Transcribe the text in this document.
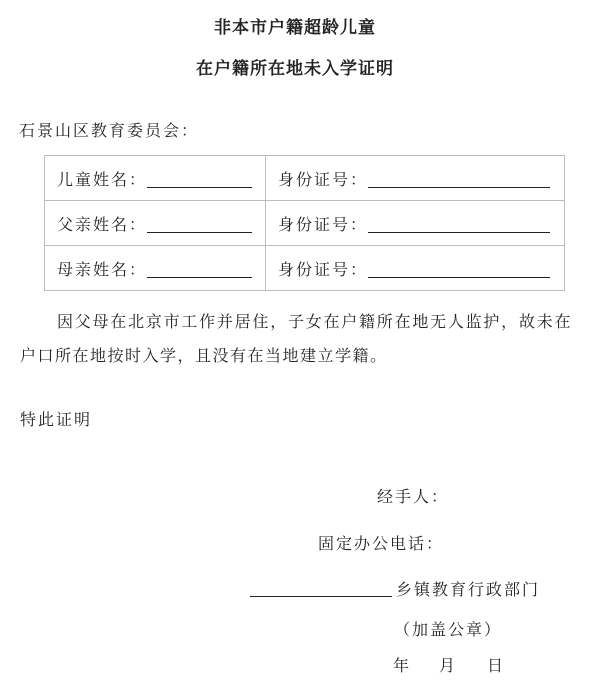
非本市户籍超龄儿童
在户籍所在地未入学证明
石景山区教育委员会：
儿童姓名：	身份证号：
父亲姓名：	身份证号：
母亲姓名：	身份证号：
因父母在北京市工作并居住，子女在户籍所在地无人监护，故未在户口所在地按时入学，且没有在当地建立学籍。
特此证明
经手人：
固定办公电话：
乡镇教育行政部门
（加盖公章）
年 月 日
